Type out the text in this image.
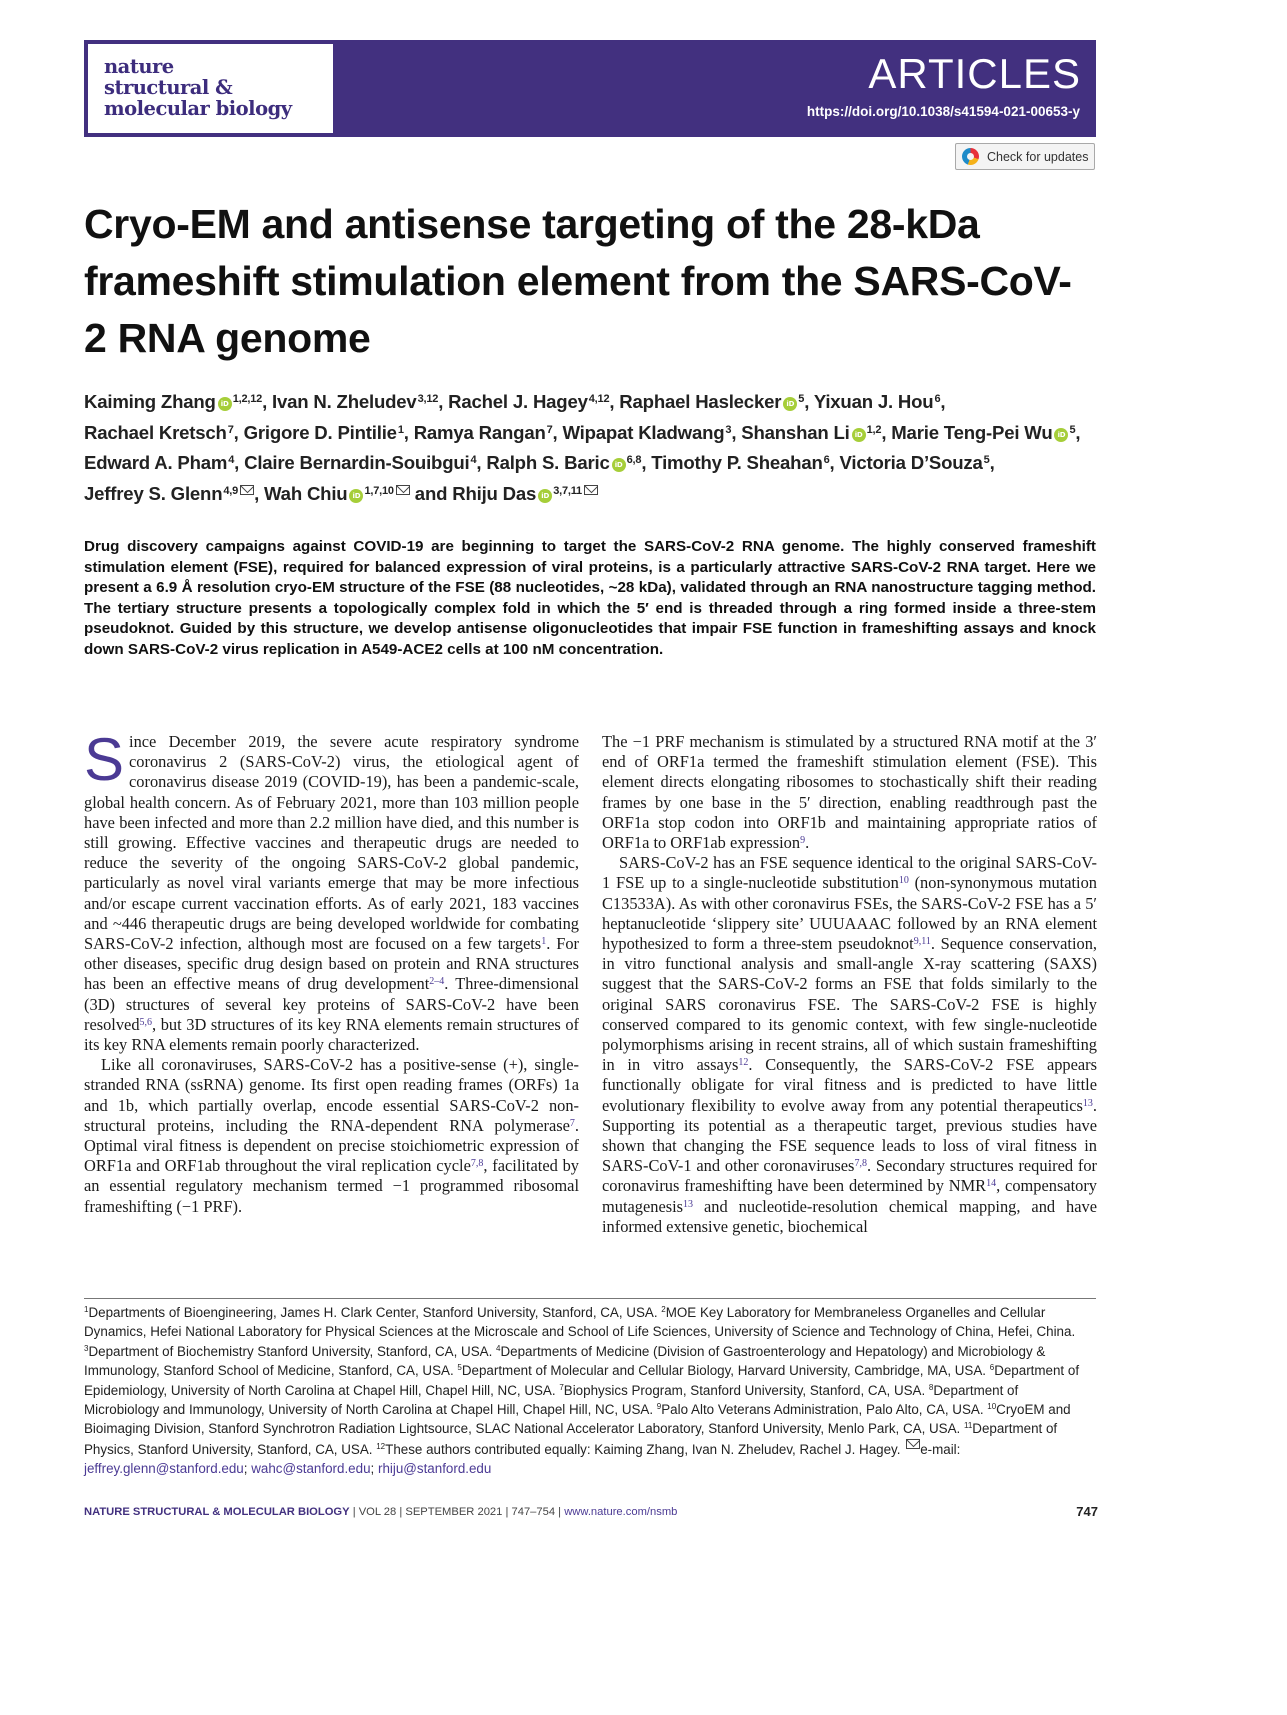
nature
structural &
molecular biology
ARTICLES
https://doi.org/10.1038/s41594-021-00653-y
Check for updates
Cryo-EM and antisense targeting of the 28-kDa frameshift stimulation element from the SARS-CoV-2 RNA genome

Kaiming Zhang iD $^{1,2,12}$, Ivan N. Zheludev$^{3,12}$, Rachel J. Hagey$^{4,12}$, Raphael Haslecker iD $^5$, Yixuan J. Hou$^6$, Rachael Kretsch$^7$, Grigore D. Pintilie$^1$, Ramya Rangan$^7$, Wipapat Kladwang$^3$, Shanshan Li iD $^{1,2}$, Marie Teng-Pei Wu iD $^5$, Edward A. Pham$^4$, Claire Bernardin-Souibgui$^4$, Ralph S. Baric iD $^{6,8}$, Timothy P. Sheahan$^6$, Victoria D’Souza$^5$, Jeffrey S. Glenn$^{4,9}$ , Wah Chiu iD $^{1,7,10}$ and Rhiju Das iD $^{3,7,11}$

Drug discovery campaigns against COVID-19 are beginning to target the SARS-CoV-2 RNA genome. The highly conserved frameshift stimulation element (FSE), required for balanced expression of viral proteins, is a particularly attractive SARS-CoV-2 RNA target. Here we present a 6.9 Å resolution cryo-EM structure of the FSE (88 nucleotides, ~28 kDa), validated through an RNA nanostructure tagging method. The tertiary structure presents a topologically complex fold in which the 5′ end is threaded through a ring formed inside a three-stem pseudoknot. Guided by this structure, we develop antisense oligonucleotides that impair FSE function in frameshifting assays and knock down SARS-CoV-2 virus replication in A549-ACE2 cells at 100 nM concentration.

Since December 2019, the severe acute respiratory syndrome coronavirus 2 (SARS-CoV-2) virus, the etiological agent of coronavirus disease 2019 (COVID-19), has been a pandemic-scale, global health concern. As of February 2021, more than 103 million people have been infected and more than 2.2 million have died, and this number is still growing. Effective vaccines and therapeutic drugs are needed to reduce the severity of the ongoing SARS-CoV-2 global pandemic, particularly as novel viral variants emerge that may be more infectious and/or escape current vaccination efforts. As of early 2021, 183 vaccines and ~446 therapeutic drugs are being developed worldwide for combating SARS-CoV-2 infection, although most are focused on a few targets$^1$. For other diseases, specific drug design based on protein and RNA structures has been an effective means of drug development$^{2-4}$. Three-dimensional (3D) structures of several key proteins of SARS-CoV-2 have been resolved$^{5,6}$, but 3D structures of its key RNA elements remain structures of its key RNA elements remain poorly characterized.

Like all coronaviruses, SARS-CoV-2 has a positive-sense (+), single-stranded RNA (ssRNA) genome. Its first open reading frames (ORFs) 1a and 1b, which partially overlap, encode essential SARS-CoV-2 non-structural proteins, including the RNA-dependent RNA polymerase$^7$. Optimal viral fitness is dependent on precise stoichiometric expression of ORF1a and ORF1ab throughout the viral replication cycle$^{7,8}$, facilitated by an essential regulatory mechanism termed −1 programmed ribosomal frameshifting (−1 PRF).

The −1 PRF mechanism is stimulated by a structured RNA motif at the 3′ end of ORF1a termed the frameshift stimulation element (FSE). This element directs elongating ribosomes to stochastically shift their reading frames by one base in the 5′ direction, enabling readthrough past the ORF1a stop codon into ORF1b and maintaining appropriate ratios of ORF1a to ORF1ab expression$^9$.

SARS-CoV-2 has an FSE sequence identical to the original SARS-CoV-1 FSE up to a single-nucleotide substitution$^{10}$ (non-synonymous mutation C13533A). As with other coronavirus FSEs, the SARS-CoV-2 FSE has a 5′ heptanucleotide ‘slippery site’ UUUAAAC followed by an RNA element hypothesized to form a three-stem pseudoknot$^{9,11}$. Sequence conservation, in vitro functional analysis and small-angle X-ray scattering (SAXS) suggest that the SARS-CoV-2 forms an FSE that folds similarly to the original SARS coronavirus FSE. The SARS-CoV-2 FSE is highly conserved compared to its genomic context, with few single-nucleotide polymorphisms arising in recent strains, all of which sustain frameshifting in in vitro assays$^{12}$. Consequently, the SARS-CoV-2 FSE appears functionally obligate for viral fitness and is predicted to have little evolutionary flexibility to evolve away from any potential therapeutics$^{13}$. Supporting its potential as a therapeutic target, previous studies have shown that changing the FSE sequence leads to loss of viral fitness in SARS-CoV-1 and other coronaviruses$^{7,8}$. Secondary structures required for coronavirus frameshifting have been determined by NMR$^{14}$, compensatory mutagenesis$^{13}$ and nucleotide-resolution chemical mapping, and have informed extensive genetic, biochemical

$^1$Departments of Bioengineering, James H. Clark Center, Stanford University, Stanford, CA, USA. $^2$MOE Key Laboratory for Membraneless Organelles and Cellular Dynamics, Hefei National Laboratory for Physical Sciences at the Microscale and School of Life Sciences, University of Science and Technology of China, Hefei, China. $^3$Department of Biochemistry Stanford University, Stanford, CA, USA. $^4$Departments of Medicine (Division of Gastroenterology and Hepatology) and Microbiology & Immunology, Stanford School of Medicine, Stanford, CA, USA. $^5$Department of Molecular and Cellular Biology, Harvard University, Cambridge, MA, USA. $^6$Department of Epidemiology, University of North Carolina at Chapel Hill, Chapel Hill, NC, USA. $^7$Biophysics Program, Stanford University, Stanford, CA, USA. $^8$Department of Microbiology and Immunology, University of North Carolina at Chapel Hill, Chapel Hill, NC, USA. $^9$Palo Alto Veterans Administration, Palo Alto, CA, USA. $^{10}$CryoEM and Bioimaging Division, Stanford Synchrotron Radiation Lightsource, SLAC National Accelerator Laboratory, Stanford University, Menlo Park, CA, USA. $^{11}$Department of Physics, Stanford University, Stanford, CA, USA. $^{12}$These authors contributed equally: Kaiming Zhang, Ivan N. Zheludev, Rachel J. Hagey. e-mail: jeffrey.glenn@stanford.edu; wahc@stanford.edu; rhiju@stanford.edu

NATURE STRUCTURAL & MOLECULAR BIOLOGY | VOL 28 | SEPTEMBER 2021 | 747–754 | www.nature.com/nsmb	747
